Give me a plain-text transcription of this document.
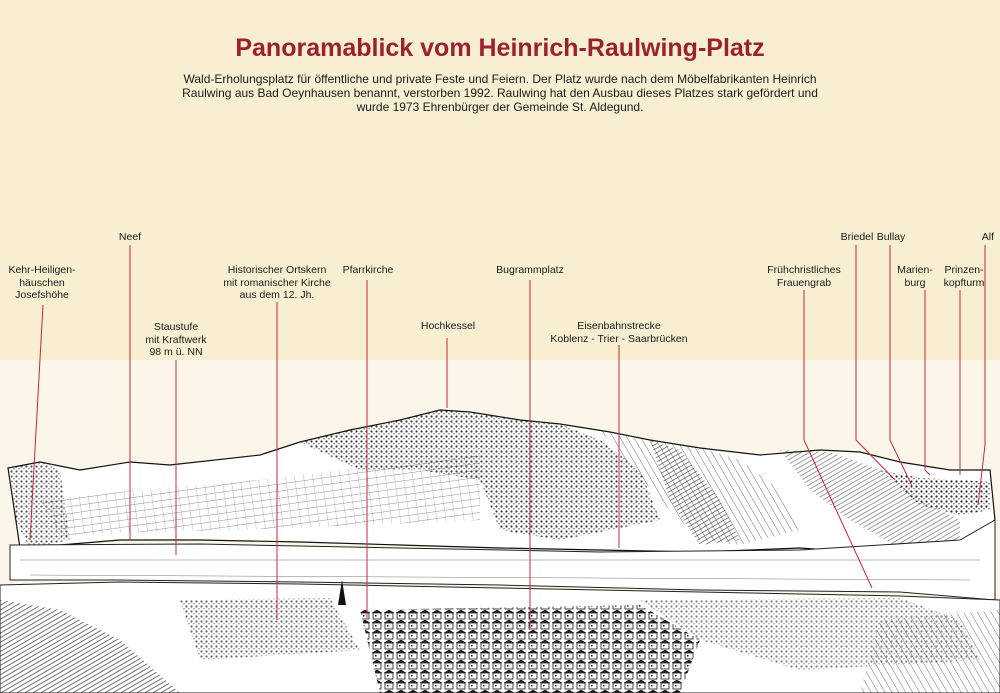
Panoramablick vom Heinrich-Raulwing-Platz

Wald-Erholungsplatz für öffentliche und private Feste und Feiern. Der Platz wurde nach dem Möbelfabrikanten Heinrich Raulwing aus Bad Oeynhausen benannt, verstorben 1992. Raulwing hat den Ausbau dieses Platzes stark gefördert und wurde 1973 Ehrenbürger der Gemeinde St. Aldegund.

Kehr-Heiligen-
häuschen
Josefshöhe
Neef
Staustufe
mit Kraftwerk
98 m ü. NN
Historischer Ortskern
mit romanischer Kirche
aus dem 12. Jh.
Pfarrkirche
Hochkessel
Bugrammplatz
Eisenbahnstrecke
Koblenz - Trier - Saarbrücken
Frühchristliches
Frauengrab
Briedel Bullay
Marien-
burg
Prinzen-
kopfturm
Alf
